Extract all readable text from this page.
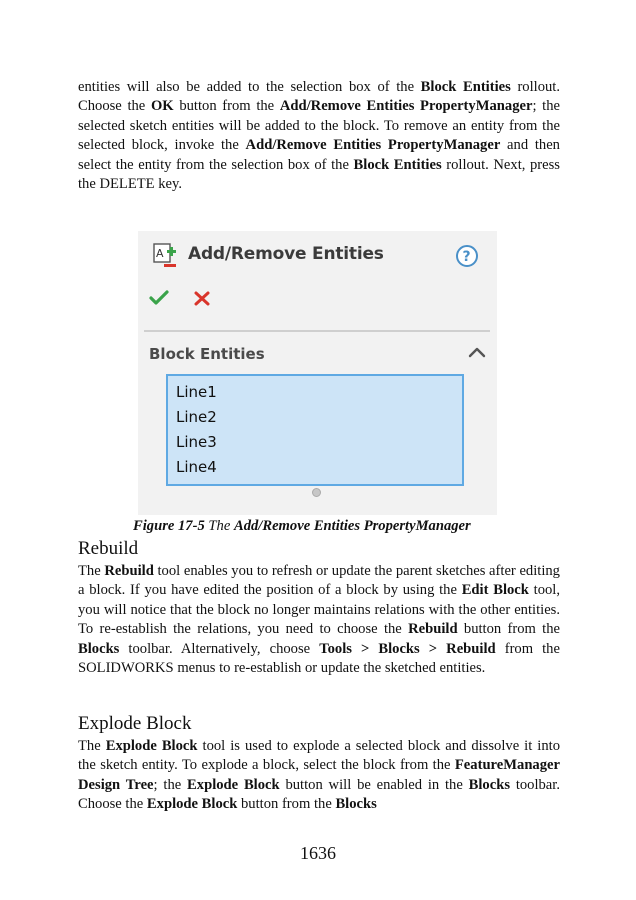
entities will also be added to the selection box of the Block Entities rollout. Choose the OK button from the Add/Remove Entities PropertyManager; the selected sketch entities will be added to the block. To remove an entity from the selected block, invoke the Add/Remove Entities PropertyManager and then select the entity from the selection box of the Block Entities rollout. Next, press the DELETE key.

A Add/Remove Entities	?
Block Entities
Line1
Line2
Line3
Line4
Figure 17-5 The Add/Remove Entities PropertyManager
Rebuild

The Rebuild tool enables you to refresh or update the parent sketches after editing a block. If you have edited the position of a block by using the Edit Block tool, you will notice that the block no longer maintains relations with the other entities. To re-establish the relations, you need to choose the Rebuild button from the Blocks toolbar. Alternatively, choose Tools > Blocks > Rebuild from the SOLIDWORKS menus to re-establish or update the sketched entities.

Explode Block

The Explode Block tool is used to explode a selected block and dissolve it into the sketch entity. To explode a block, select the block from the FeatureManager Design Tree; the Explode Block button will be enabled in the Blocks toolbar. Choose the Explode Block button from the Blocks

1636
